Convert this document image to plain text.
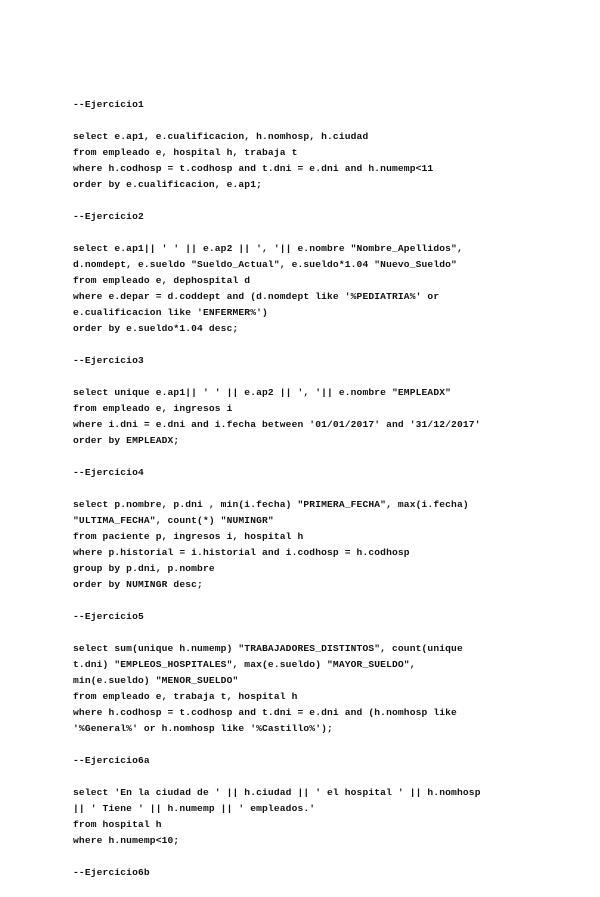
--Ejercicio1
select e.ap1, e.cualificacion, h.nomhosp, h.ciudad
from empleado e, hospital h, trabaja t
where h.codhosp = t.codhosp and t.dni = e.dni and h.numemp<11
order by e.cualificacion, e.ap1;
--Ejercicio2
select e.ap1|| ' ' || e.ap2 || ', '|| e.nombre "Nombre_Apellidos",
d.nomdept, e.sueldo "Sueldo_Actual", e.sueldo*1.04 "Nuevo_Sueldo"
from empleado e, dephospital d
where e.depar = d.coddept and (d.nomdept like '%PEDIATRIA%' or
e.cualificacion like 'ENFERMER%')
order by e.sueldo*1.04 desc;
--Ejercicio3
select unique e.ap1|| ' ' || e.ap2 || ', '|| e.nombre "EMPLEADX"
from empleado e, ingresos i
where i.dni = e.dni and i.fecha between '01/01/2017' and '31/12/2017'
order by EMPLEADX;
--Ejercicio4
select p.nombre, p.dni , min(i.fecha) "PRIMERA_FECHA", max(i.fecha)
"ULTIMA_FECHA", count(*) "NUMINGR"
from paciente p, ingresos i, hospital h
where p.historial = i.historial and i.codhosp = h.codhosp
group by p.dni, p.nombre
order by NUMINGR desc;
--Ejercicio5
select sum(unique h.numemp) "TRABAJADORES_DISTINTOS", count(unique
t.dni) "EMPLEOS_HOSPITALES", max(e.sueldo) "MAYOR_SUELDO",
min(e.sueldo) "MENOR_SUELDO"
from empleado e, trabaja t, hospital h
where h.codhosp = t.codhosp and t.dni = e.dni and (h.nomhosp like
'%General%' or h.nomhosp like '%Castillo%');
--Ejercicio6a
select 'En la ciudad de ' || h.ciudad || ' el hospital ' || h.nomhosp
|| ' Tiene ' || h.numemp || ' empleados.'
from hospital h
where h.numemp<10;
--Ejercicio6b
